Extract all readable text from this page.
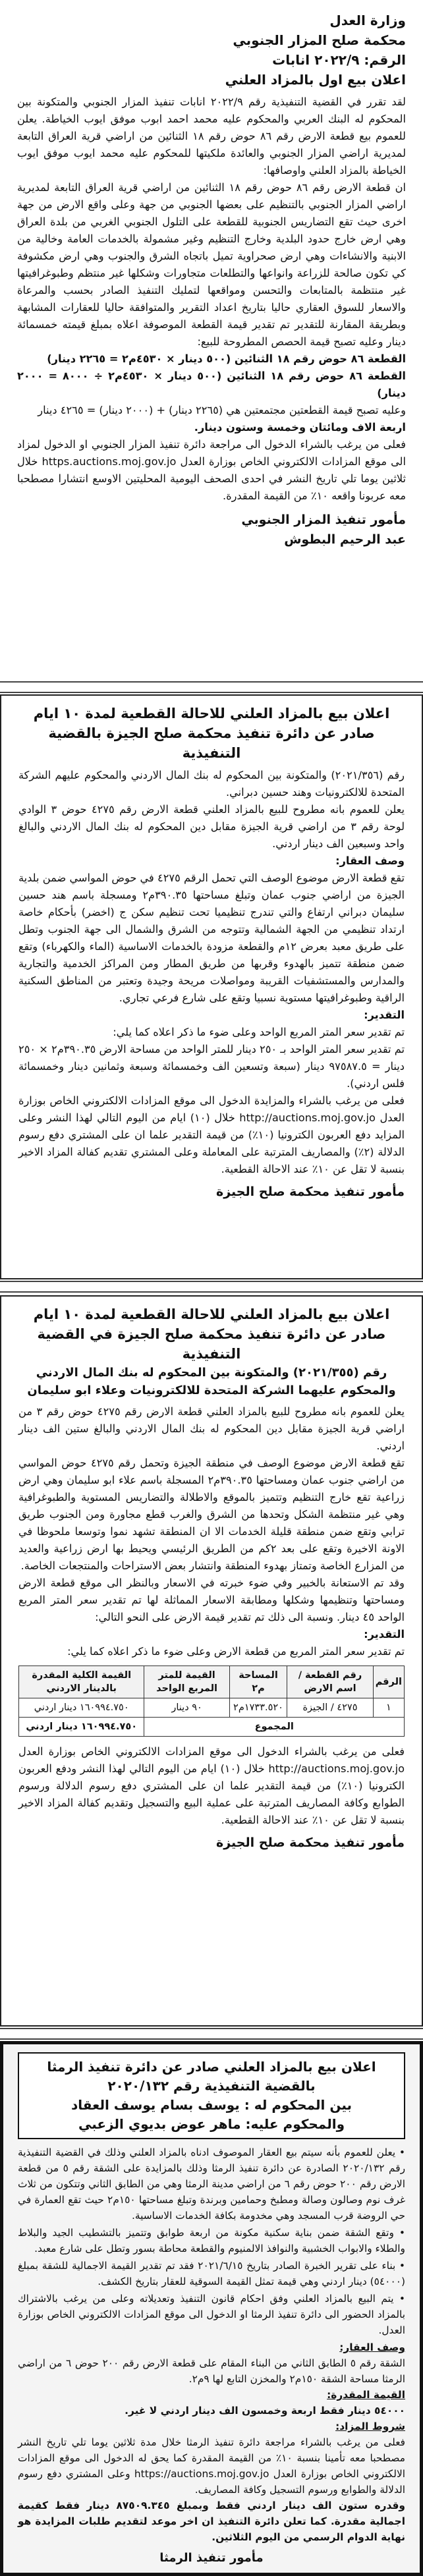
وزارة العدل
محكمة صلح المزار الجنوبي
الرقم: ٢٠٢٢/٩ انابات
اعلان بيع اول بالمزاد العلني

لقد تقرر في القضية التنفيذية رقم ٢٠٢٢/٩ انابات تنفيذ المزار الجنوبي والمتكونة بين المحكوم له البنك العربي والمحكوم عليه محمد احمد ابوب موفق ايوب الخياطة. يعلن للعموم بيع قطعة الارض رقم ٨٦ حوض رقم ١٨ الثنائين من اراضي قرية العراق التابعة لمديرية اراضي المزار الجنوبي والعائدة ملكيتها للمحكوم عليه محمد ايوب موفق ايوب الخياطة بالمزاد العلني واوصافها:

ان قطعة الارض رقم ٨٦ حوض رقم ١٨ الثنائين من اراضي قرية العراق التابعة لمديرية اراضي المزار الجنوبي بالتنظيم على بعضها الجنوبي من جهة وعلى واقع الارض من جهة اخرى حيث تقع التضاريس الجنوبية للقطعة على التلول الجنوبي الغربي من بلدة العراق وهي ارض خارج حدود البلدية وخارج التنظيم وغير مشمولة بالخدمات العامة وخالية من الابنية والانشاءات وهي ارض صحراوية تميل باتجاه الشرق والجنوب وهي ارض مكشوفة كي تكون صالحة للزراعة وانواعها والتطلعات متجاورات وشكلها غير منتظم وطبوغرافيتها غير منتظمة بالمتابعات والتحسن ومواقعها لتمليك التنفيذ الصادر بحسب والمرعاة والاسعار للسوق العقاري حاليا بتاريخ اعداد التقرير والمتوافقة حاليا للعقارات المشابهة وبطريقة المقارنة للتقدير تم تقدير قيمة القطعة الموصوفة اعلاه بمبلغ قيمته خمسمائة دينار وعليه تصبح قيمة الحصص المطروحة للبيع:

القطعة ٨٦ حوض رقم ١٨ الثنائين (٥٠٠ دينار × ٤٥٣٠م٢ = ٢٢٦٥ دينار)

القطعة ٨٦ حوض رقم ١٨ الثنائين (٥٠٠ دينار × ٤٥٣٠م٢ ÷ ٨٠٠٠ = ٢٠٠٠ دينار)

وعليه تصبح قيمة القطعتين مجتمعتين هي (٢٢٦٥ دينار) + (٢٠٠٠ دينار) = ٤٢٦٥ دينار

اربعة الاف ومائتان وخمسة وستون دينار.

فعلى من يرغب بالشراء الدخول الى مراجعة دائرة تنفيذ المزار الجنوبي او الدخول لمزاد الى موقع المزادات الالكتروني الخاص بوزارة العدل https.auctions.moj.gov.jo خلال ثلاثين يوما تلي تاريخ النشر في احدى الصحف اليومية المحليتين الاوسع انتشارا مصطحبا معه عربونا واقعه ١٠٪ من القيمة المقدرة.

مأمور تنفيذ المزار الجنوبي
عبد الرحيم البطوش
اعلان بيع بالمزاد العلني للاحالة القطعية لمدة ١٠ ايام صادر عن دائرة تنفيذ محكمة صلح الجيزة بالقضية التنفيذية

رقم (٢٠٢١/٣٥٦) والمتكونة بين المحكوم له بنك المال الاردني والمحكوم عليهم الشركة المتحدة للالكترونيات وهند حسين دبراني.

يعلن للعموم بانه مطروح للبيع بالمزاد العلني قطعة الارض رقم ٤٢٧٥ حوض ٣ الوادي لوحة رقم ٣ من اراضي قرية الجيزة مقابل دين المحكوم له بنك المال الاردني والبالغ واحد وسبعين الف دينار اردني.

وصف العقار:

تقع قطعة الارض موضوع الوصف التي تحمل الرقم ٤٢٧٥ في حوض المواسي ضمن بلدية الجيزة من اراضي جنوب عمان وتبلغ مساحتها ٣٩٠.٣٥م٢ ومسجلة باسم هند حسين سليمان دبراني ارتفاع والتي تندرج تنظيميا تحت تنظيم سكن ج (اخضر) بأحكام خاصة ارتداد تنظيمي من الجهة الشمالية وتتوجه من الشرق والشمال الى جهة الجنوب وتطل على طريق معبد بعرض ١٢م والقطعة مزودة بالخدمات الاساسية (الماء والكهرباء) وتقع ضمن منطقة تتميز بالهدوء وقربها من طريق المطار ومن المراكز الخدمية والتجارية والمدارس والمستشفيات القريبة ومواصلات مريحة وجيدة وتعتبر من المناطق السكنية الراقية وطبوغرافيتها مستوية نسبيا وتقع على شارع فرعي تجاري.

التقدير:

تم تقدير سعر المتر المربع الواحد وعلى ضوء ما ذكر اعلاه كما يلي:

تم تقدير سعر المتر الواحد بـ ٢٥٠ دينار للمتر الواحد من مساحة الارض ٣٩٠.٣٥م٢ × ٢٥٠ دينار = ٩٧٥٨٧.٥ دينار (سبعة وتسعين الف وخمسمائة وسبعة وثمانين دينار وخمسمائة فلس اردني).

فعلى من يرغب بالشراء والمزايدة الدخول الى موقع المزادات الالكتروني الخاص بوزارة العدل http://auctions.moj.gov.jo خلال (١٠) ايام من اليوم التالي لهذا النشر وعلى المزايد دفع العربون الكترونيا (١٠٪) من قيمة التقدير علما ان على المشتري دفع رسوم الدلالة (٢٪) والمصاريف المترتبة على المعاملة وعلى المشتري تقديم كفالة المزاد الاخير بنسبة لا تقل عن ١٠٪ عند الاحالة القطعية.

مأمور تنفيذ محكمة صلح الجيزة
اعلان بيع بالمزاد العلني للاحالة القطعية لمدة ١٠ ايام صادر عن دائرة تنفيذ محكمة صلح الجيزة في القضية التنفيذية
رقم (٢٠٢١/٣٥٥) والمتكونة بين المحكوم له بنك المال الاردني والمحكوم عليهما الشركة المتحدة للالكترونيات وعلاء ابو سليمان

يعلن للعموم بانه مطروح للبيع بالمزاد العلني قطعة الارض رقم ٤٢٧٥ حوض رقم ٣ من اراضي قرية الجيزة مقابل دين المحكوم له بنك المال الاردني والبالغ ستين الف دينار اردني.

تقع قطعة الارض موضوع الوصف في منطقة الجيزة وتحمل رقم ٤٢٧٥ حوض المواسي من اراضي جنوب عمان ومساحتها ٣٩٠.٣٥م٢ المسجلة باسم علاء ابو سليمان وهي ارض زراعية تقع خارج التنظيم وتتميز بالموقع والاطلالة والتضاريس المستوية والطبوغرافية وهي غير منتظمة الشكل وتحدها من الشرق والغرب قطع مجاورة ومن الجنوب طريق ترابي وتقع ضمن منطقة قليلة الخدمات الا ان المنطقة تشهد نموا وتوسعا ملحوظا في الاونة الاخيرة وتقع على بعد ٢كم من الطريق الرئيسي ويحيط بها ارض زراعية والعديد من المزارع الخاصة وتمتاز بهدوء المنطقة وانتشار بعض الاستراحات والمنتجعات الخاصة.

وقد تم الاستعانة بالخبير وفي ضوء خبرته في الاسعار وبالنظر الى موقع قطعة الارض ومساحتها وتنظيمها وشكلها ومطابقة الاسعار المماثلة لها تم تقدير سعر المتر المربع الواحد ٤٥ دينار. ونسبة الى ذلك تم تقدير قيمة الارض على النحو التالي:

التقدير:

تم تقدير سعر المتر المربع من قطعة الارض وعلى ضوء ما ذكر اعلاه كما يلي:

الرقم	رقم القطعة / اسم الارض	المساحة م٢	القيمة للمتر المربع الواحد	القيمة الكلية المقدرة بالدينار الاردني
١	٤٢٧٥ / الجيزة	١٧٣٣.٥٢٠م٢	٩٠ دينار	١٦٠٩٩٤.٧٥٠ دينار اردني
المجموع				١٦٠٩٩٤.٧٥٠ دينار اردني

فعلى من يرغب بالشراء الدخول الى موقع المزادات الالكتروني الخاص بوزارة العدل http://auctions.moj.gov.jo خلال (١٠) ايام من اليوم التالي لهذا النشر ودفع العربون الكترونيا (١٠٪) من قيمة التقدير علما ان على المشتري دفع رسوم الدلالة ورسوم الطوابع وكافة المصاريف المترتبة على عملية البيع والتسجيل وتقديم كفالة المزاد الاخير بنسبة لا تقل عن ١٠٪ عند الاحالة القطعية.

مأمور تنفيذ محكمة صلح الجيزة
اعلان بيع بالمزاد العلني صادر عن دائرة تنفيذ الرمثا
بالقضية التنفيذية رقم ٢٠٢٠/١٣٢
بين المحكوم له : يوسف بسام يوسف العقاد
والمحكوم عليه: ماهر عوض بديوي الزعبي

• يعلن للعموم بأنه سيتم بيع العقار الموصوف ادناه بالمزاد العلني وذلك في القضية التنفيذية رقم ٢٠٢٠/١٣٢ الصادرة عن دائرة تنفيذ الرمثا وذلك بالمزايدة على الشقة رقم ٥ من قطعة الارض رقم ٢٠٠ حوض رقم ٦ من اراضي مدينة الرمثا وهي من الطابق الثاني وتتكون من ثلاث غرف نوم وصالون وصالة ومطبخ وحمامين وبرندة وتبلغ مساحتها ١٥٠م٢ حيث تقع العمارة في حي الروضة قرب المسجد وهي مخدومة بكافة الخدمات الاساسية.

• وتقع الشقة ضمن بناية سكنية مكونة من اربعة طوابق وتتميز بالتشطيب الجيد والبلاط والطلاء والابواب الخشبية والنوافذ الالمنيوم والقطعة محاطة بسور وتطل على شارع معبد.

• بناء على تقرير الخبرة الصادر بتاريخ ٢٠٢١/٦/١٥ فقد تم تقدير القيمة الاجمالية للشقة بمبلغ (٥٤٠٠٠) دينار اردني وهي قيمة تمثل القيمة السوقية للعقار بتاريخ الكشف.

• يتم البيع بالمزاد العلني وفق احكام قانون التنفيذ وتعديلاته وعلى من يرغب بالاشتراك بالمزاد الحضور الى دائرة تنفيذ الرمثا او الدخول الى موقع المزادات الالكتروني الخاص بوزارة العدل.

وصف العقار:

الشقة رقم ٥ الطابق الثاني من البناء المقام على قطعة الارض رقم ٢٠٠ حوض ٦ من اراضي الرمثا مساحة الشقة ١٥٠م٢ والمخزن التابع لها ٩م٢.

القيمة المقدرة:

٥٤٠٠٠ دينار فقط اربعة وخمسون الف دينار اردني لا غير.

شروط المزاد:

فعلى من يرغب بالشراء مراجعة دائرة تنفيذ الرمثا خلال مدة ثلاثين يوما تلي تاريخ النشر مصطحبا معه تأمينا بنسبة ١٠٪ من القيمة المقدرة كما يحق له الدخول الى موقع المزادات الالكتروني الخاص بوزارة العدل https://auctions.moj.gov.jo وعلى المشتري دفع رسوم الدلالة والطوابع ورسوم التسجيل وكافة المصاريف.

وقدره ستون الف دينار اردني فقط وبمبلغ ٨٧٥٠٩.٣٤٥ دينار فقط كقيمة اجمالية مقدرة. كما تعلن دائرة التنفيذ ان اخر موعد لتقديم طلبات المزايدة هو نهاية الدوام الرسمي من اليوم الثلاثين.

مأمور تنفيذ الرمثا
